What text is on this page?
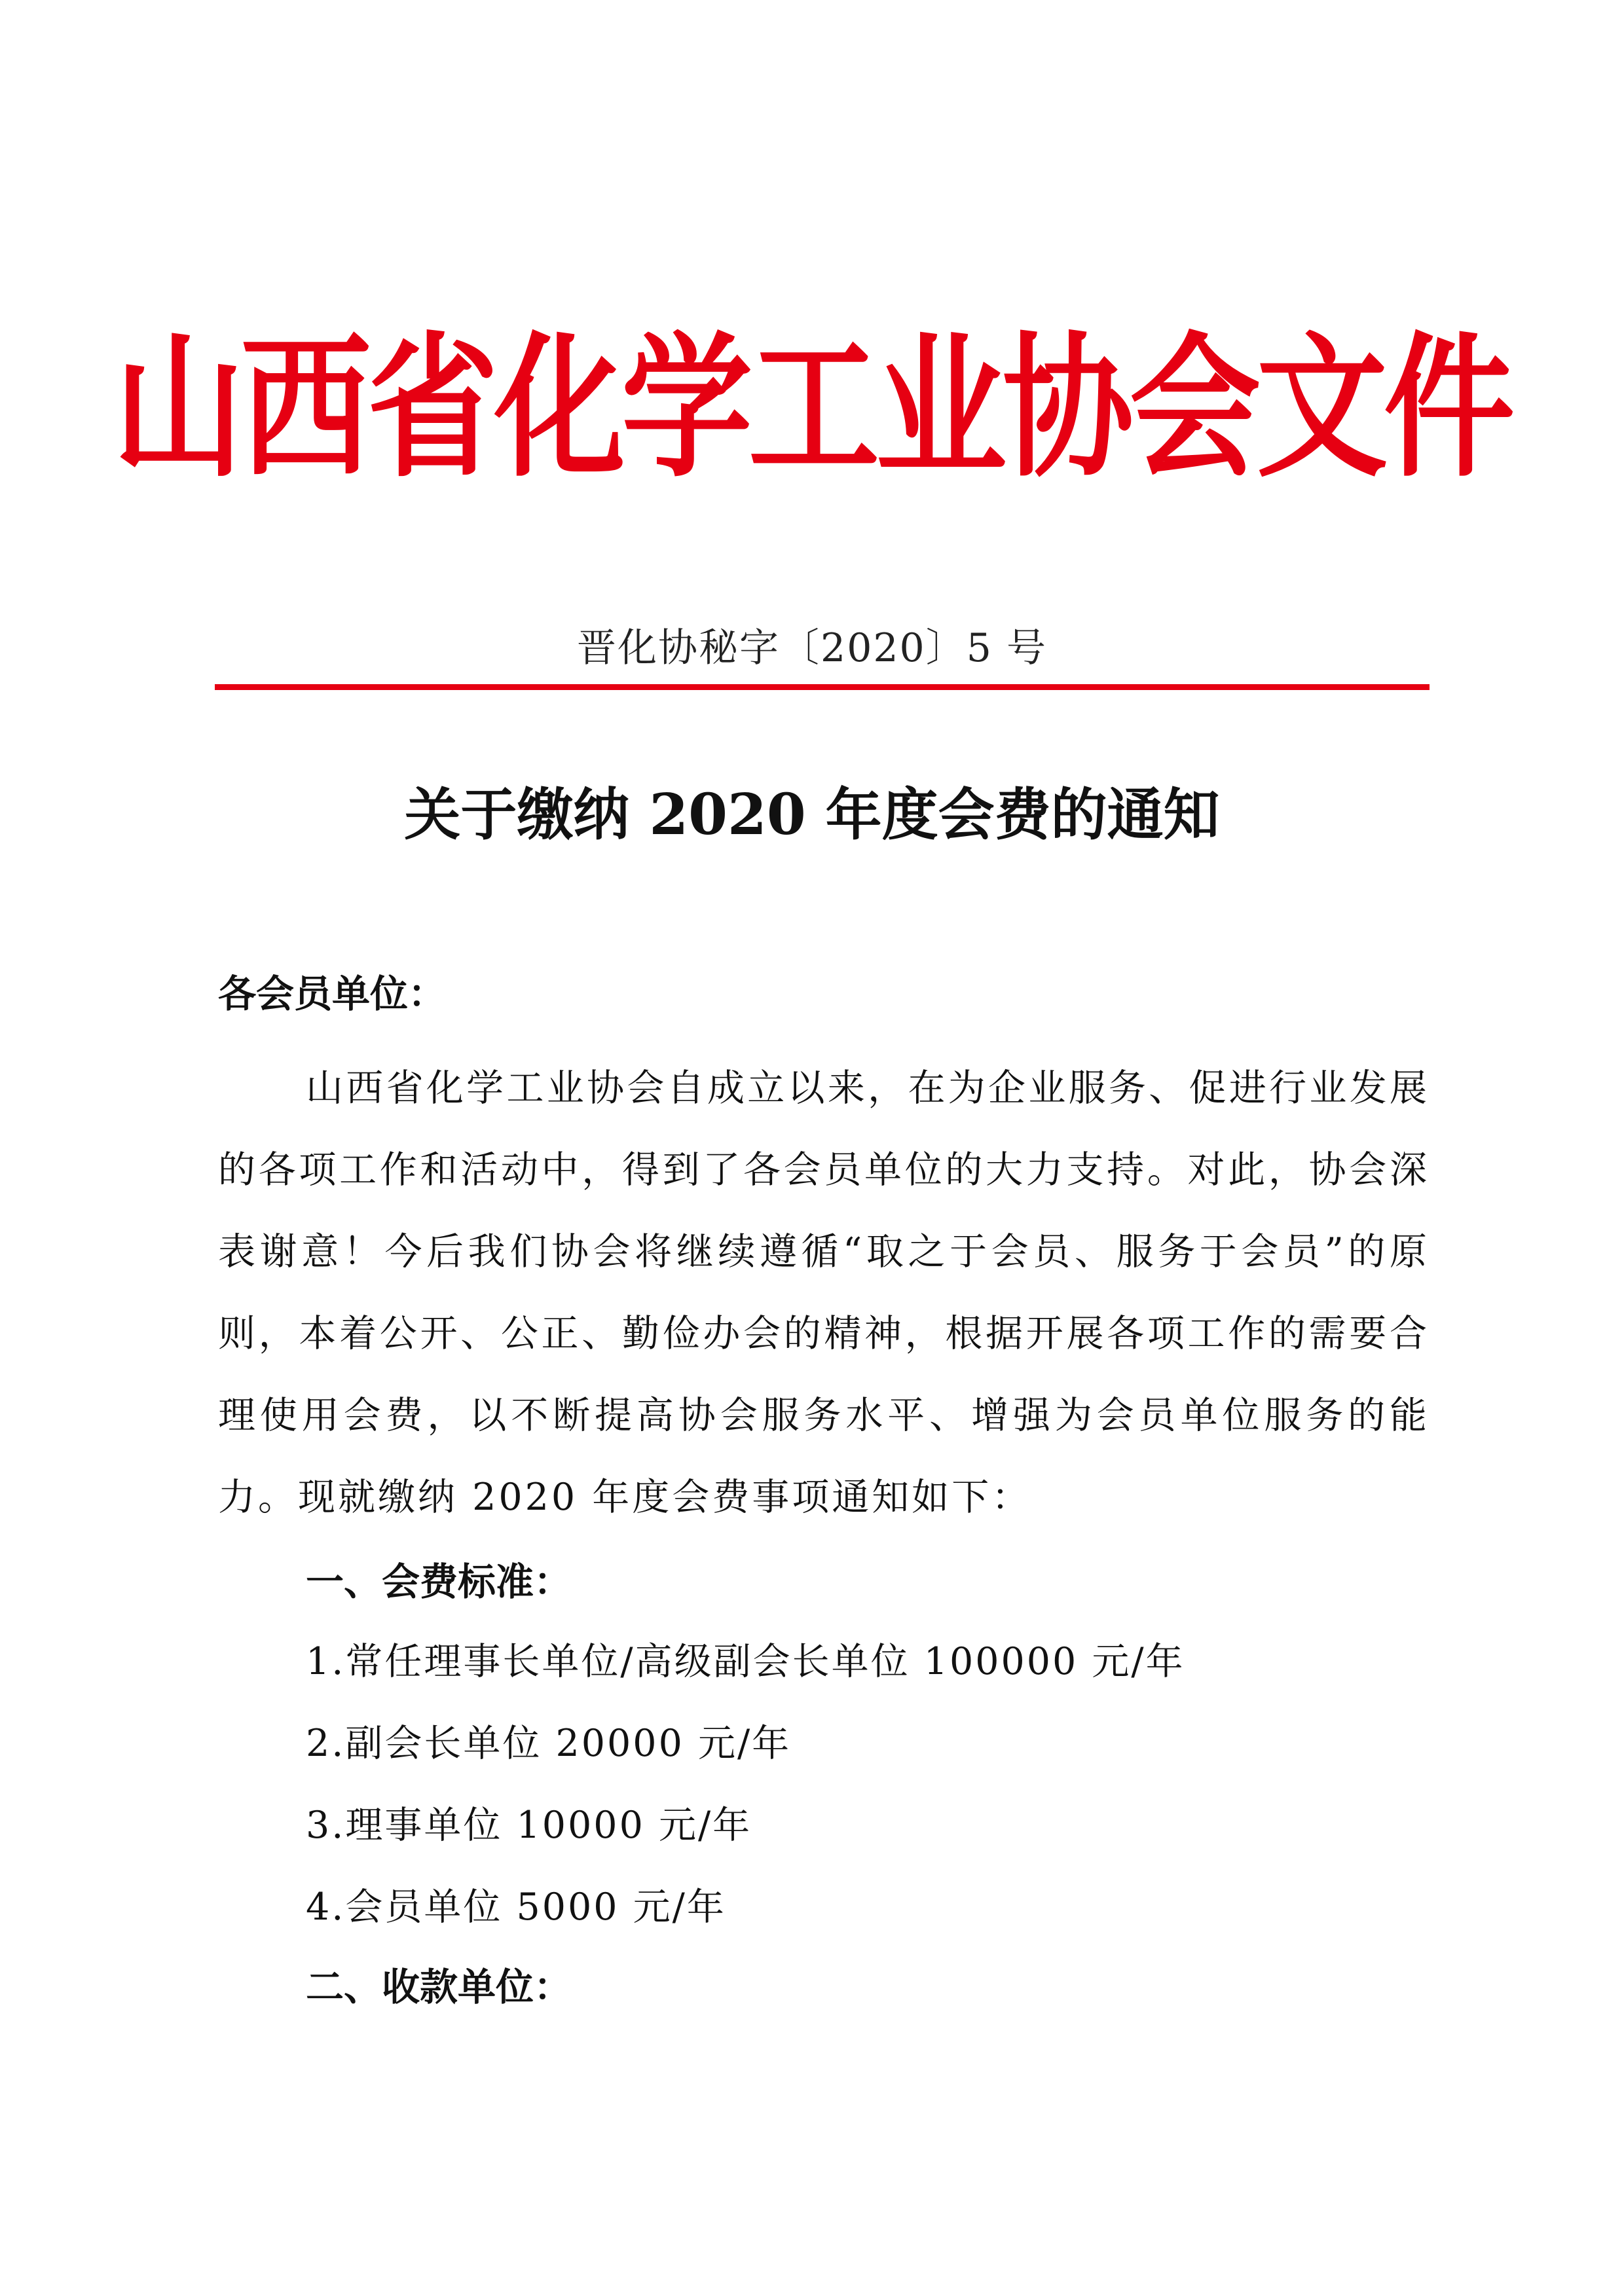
山西省化学工业协会文件
晋化协秘字〔2020〕5 号
关于缴纳 2020 年度会费的通知
各会员单位：

山西省化学工业协会自成立以来，在为企业服务、促进行业发展的各项工作和活动中，得到了各会员单位的大力支持。对此，协会深表谢意！今后我们协会将继续遵循“取之于会员、服务于会员”的原则，本着公开、公正、勤俭办会的精神，根据开展各项工作的需要合理使用会费，以不断提高协会服务水平、增强为会员单位服务的能力。现就缴纳 2020 年度会费事项通知如下：

一、会费标准：
1.常任理事长单位/高级副会长单位 100000 元/年
2.副会长单位 20000 元/年
3.理事单位 10000 元/年
4.会员单位 5000 元/年
二、收款单位：
